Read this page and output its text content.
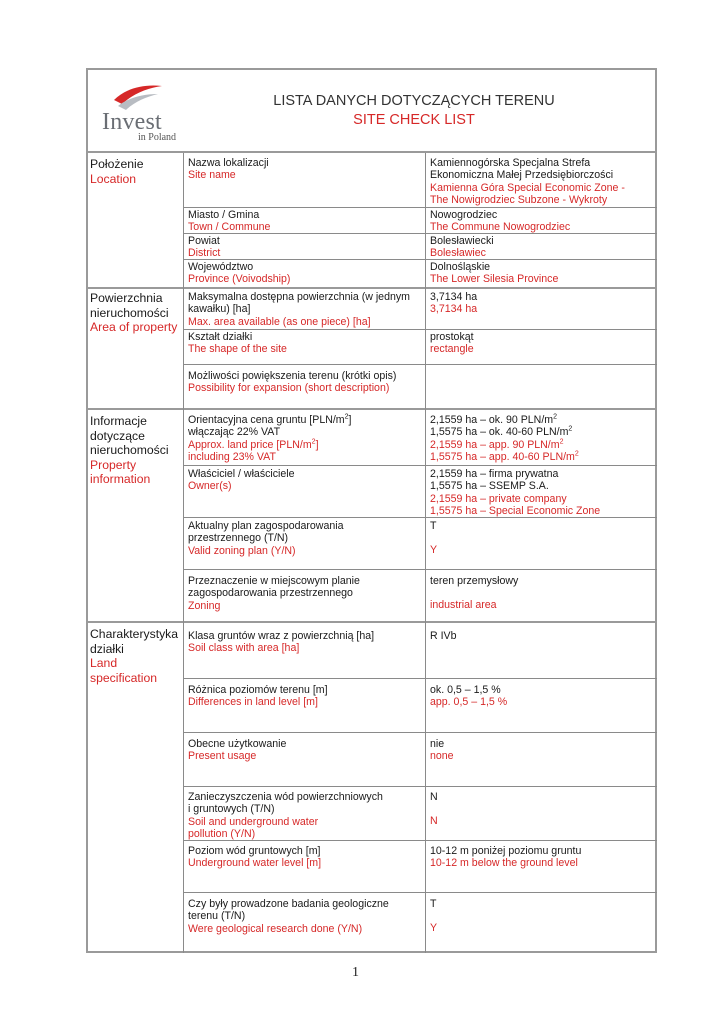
Invest
in Poland
LISTA DANYCH DOTYCZĄCYCH TERENU
SITE CHECK LIST
Położenie
Location
Nazwa lokalizacji
Site name
Kamiennogórska Specjalna Strefa
Ekonomiczna Małej Przedsiębiorczości
Kamienna Góra Special Economic Zone -
The Nowigrodziec Subzone - Wykroty
Miasto / Gmina
Town / Commune
Nowogrodziec
The Commune Nowogrodziec
Powiat
District
Bolesławiecki
Bolesławiec
Województwo
Province (Voivodship)
Dolnośląskie
The Lower Silesia Province
Powierzchnia
nieruchomości
Area of property
Maksymalna dostępna powierzchnia (w jednym
kawałku) [ha]
Max. area available (as one piece) [ha]
3,7134 ha
3,7134 ha
Kształt działki
The shape of the site
prostokąt
rectangle
Możliwości powiększenia terenu (krótki opis)
Possibility for expansion (short description)
Informacje
dotyczące
nieruchomości
Property
information
Orientacyjna cena gruntu $[PLN/m^2]$
włączając 22% VAT
Approx. land price $[PLN/m^2]$
including 23% VAT
2,1559 ha – ok. 90 PLN/$m^2$
1,5575 ha – ok. 40-60 PLN/$m^2$
2,1559 ha – app. 90 PLN/$m^2$
1,5575 ha – app. 40-60 PLN/$m^2$
Właściciel / właściciele
Owner(s)
2,1559 ha – firma prywatna
1,5575 ha – SSEMP S.A.
2,1559 ha – private company
1,5575 ha – Special Economic Zone
Aktualny plan zagospodarowania
przestrzennego (T/N)
Valid zoning plan (Y/N)
T
Y
Przeznaczenie w miejscowym planie
zagospodarowania przestrzennego
Zoning
teren przemysłowy
industrial area
Charakterystyka
działki
Land
specification
Klasa gruntów wraz z powierzchnią [ha]
Soil class with area [ha]
R IVb
Różnica poziomów terenu [m]
Differences in land level [m]
ok. 0,5 – 1,5 %
app. 0,5 – 1,5 %
Obecne użytkowanie
Present usage
nie
none
Zanieczyszczenia wód powierzchniowych
i gruntowych (T/N)
Soil and underground water
pollution (Y/N)
N
N
Poziom wód gruntowych [m]
Underground water level [m]
10-12 m poniżej poziomu gruntu
10-12 m below the ground level
Czy były prowadzone badania geologiczne
terenu (T/N)
Were geological research done (Y/N)
T
Y
1
